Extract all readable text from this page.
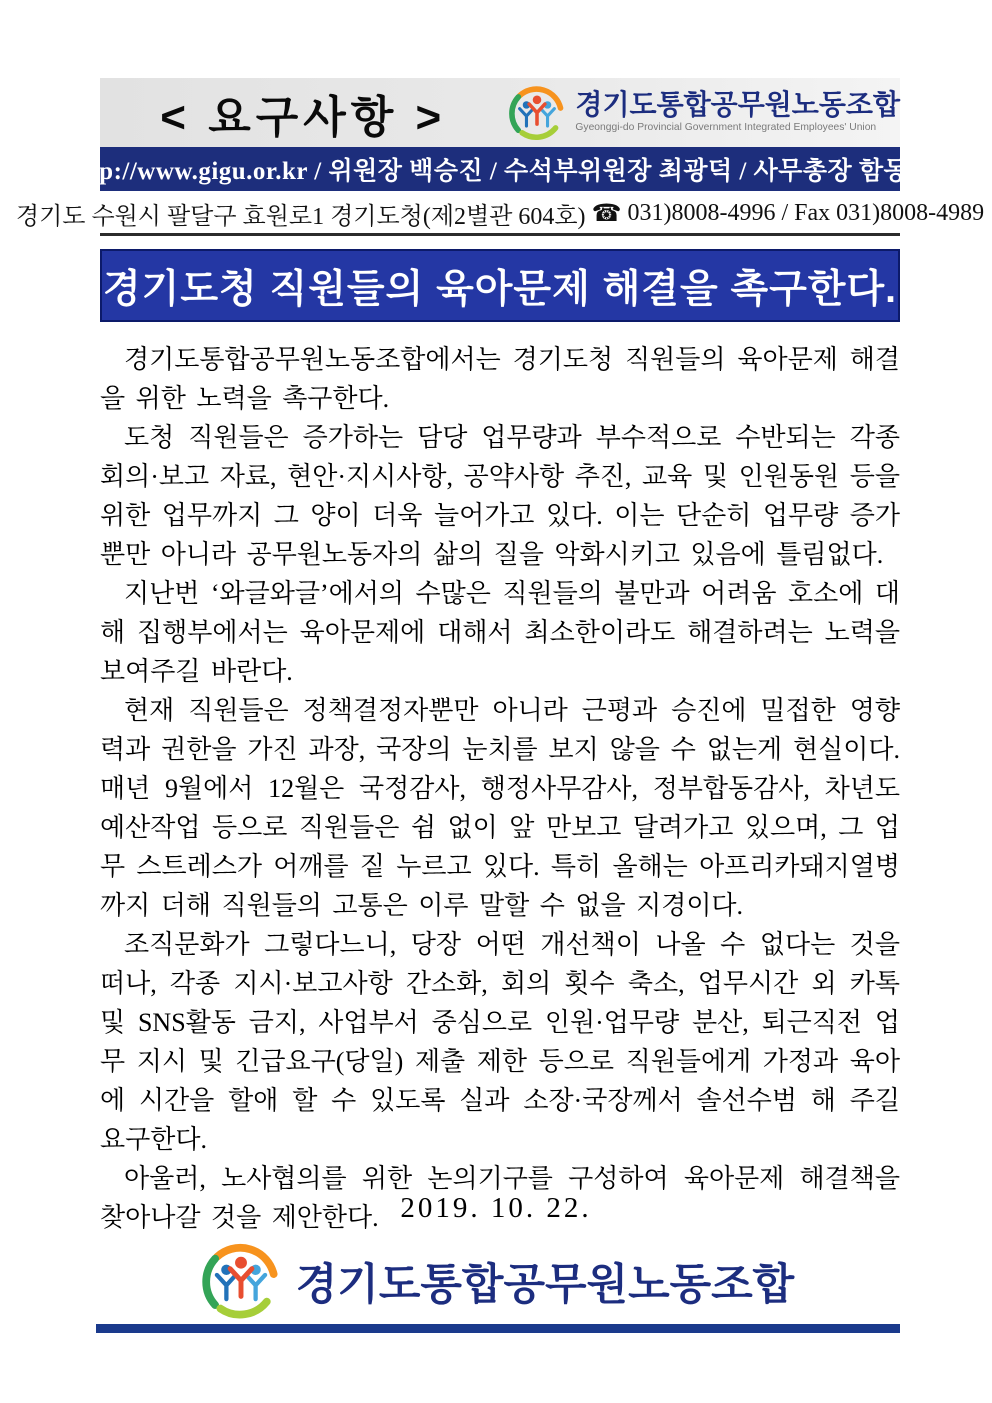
< 요구사항 >	경기도통합공무원노동조합
Gyeonggi-do Provincial Government Integrated Employees' Union
http://www.gigu.or.kr / 위원장 백승진 / 수석부위원장 최광덕 / 사무총장 함동균
경기도 수원시 팔달구 효원로1 경기도청(제2별관 604호) ☎ 031)8008-4996 / Fax 031)8008-4989
경기도청 직원들의 육아문제 해결을 촉구한다.

경기도통합공무원노동조합에서는 경기도청 직원들의 육아문제 해결을 위한 노력을 촉구한다.

도청 직원들은 증가하는 담당 업무량과 부수적으로 수반되는 각종 회의·보고 자료, 현안·지시사항, 공약사항 추진, 교육 및 인원동원 등을 위한 업무까지 그 양이 더욱 늘어가고 있다. 이는 단순히 업무량 증가뿐만 아니라 공무원노동자의 삶의 질을 악화시키고 있음에 틀림없다.

지난번 ‘와글와글’에서의 수많은 직원들의 불만과 어려움 호소에 대해 집행부에서는 육아문제에 대해서 최소한이라도 해결하려는 노력을 보여주길 바란다.

현재 직원들은 정책결정자뿐만 아니라 근평과 승진에 밀접한 영향력과 권한을 가진 과장, 국장의 눈치를 보지 않을 수 없는게 현실이다. 매년 9월에서 12월은 국정감사, 행정사무감사, 정부합동감사, 차년도 예산작업 등으로 직원들은 쉼 없이 앞 만보고 달려가고 있으며, 그 업무 스트레스가 어깨를 짙 누르고 있다. 특히 올해는 아프리카돼지열병까지 더해 직원들의 고통은 이루 말할 수 없을 지경이다.

조직문화가 그렇다느니, 당장 어떤 개선책이 나올 수 없다는 것을 떠나, 각종 지시·보고사항 간소화, 회의 횟수 축소, 업무시간 외 카톡 및 SNS활동 금지, 사업부서 중심으로 인원·업무량 분산, 퇴근직전 업무 지시 및 긴급요구(당일) 제출 제한 등으로 직원들에게 가정과 육아에 시간을 할애 할 수 있도록 실과 소장·국장께서 솔선수범 해 주길 요구한다.

아울러, 노사협의를 위한 논의기구를 구성하여 육아문제 해결책을 찾아나갈 것을 제안한다. 2019. 10. 22.
경기도통합공무원노동조합
